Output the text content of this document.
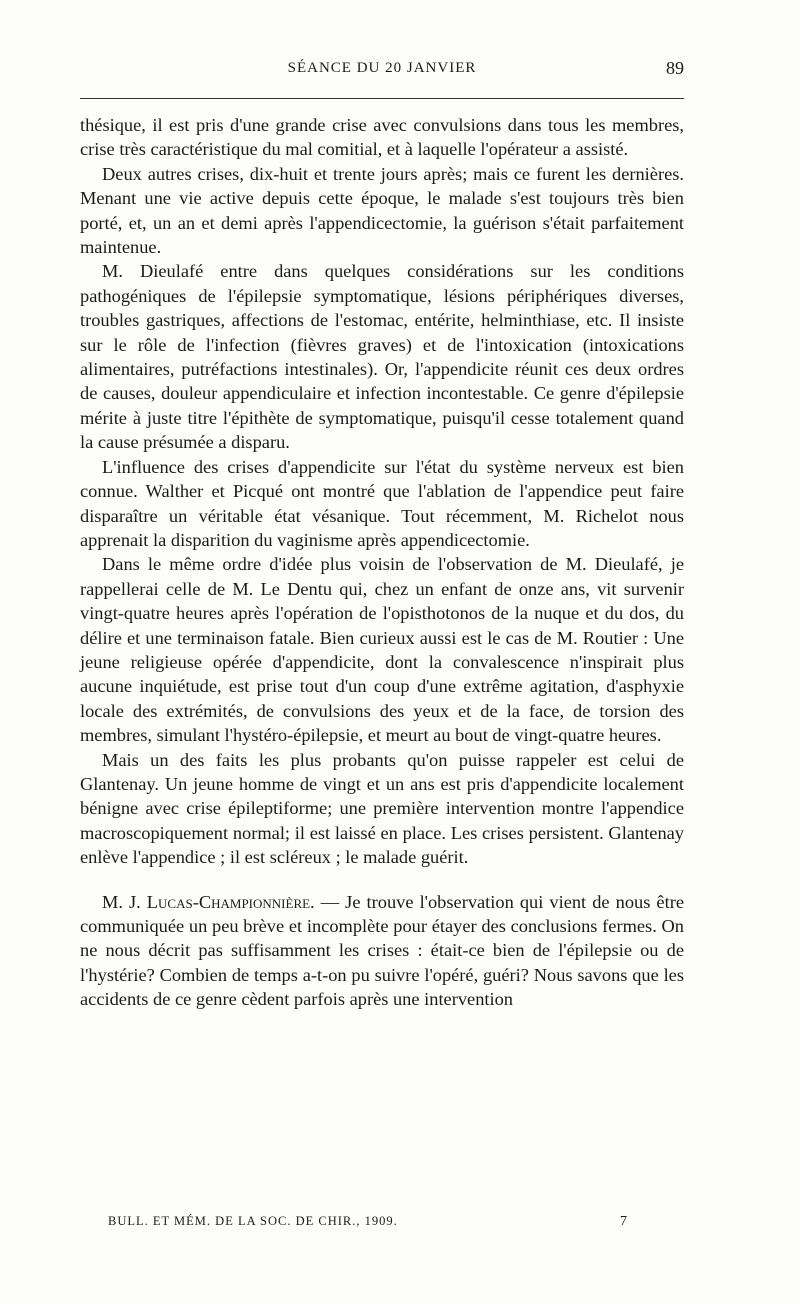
SÉANCE DU 20 JANVIER	89

thésique, il est pris d'une grande crise avec convulsions dans tous les membres, crise très caractéristique du mal comitial, et à laquelle l'opérateur a assisté.

Deux autres crises, dix-huit et trente jours après; mais ce furent les dernières. Menant une vie active depuis cette époque, le malade s'est toujours très bien porté, et, un an et demi après l'appendicectomie, la guérison s'était parfaitement maintenue.

M. Dieulafé entre dans quelques considérations sur les conditions pathogéniques de l'épilepsie symptomatique, lésions périphériques diverses, troubles gastriques, affections de l'estomac, entérite, helminthiase, etc. Il insiste sur le rôle de l'infection (fièvres graves) et de l'intoxication (intoxications alimentaires, putréfactions intestinales). Or, l'appendicite réunit ces deux ordres de causes, douleur appendiculaire et infection incontestable. Ce genre d'épilepsie mérite à juste titre l'épithète de symptomatique, puisqu'il cesse totalement quand la cause présumée a disparu.

L'influence des crises d'appendicite sur l'état du système nerveux est bien connue. Walther et Picqué ont montré que l'ablation de l'appendice peut faire disparaître un véritable état vésanique. Tout récemment, M. Richelot nous apprenait la disparition du vaginisme après appendicectomie.

Dans le même ordre d'idée plus voisin de l'observation de M. Dieulafé, je rappellerai celle de M. Le Dentu qui, chez un enfant de onze ans, vit survenir vingt-quatre heures après l'opération de l'opisthotonos de la nuque et du dos, du délire et une terminaison fatale. Bien curieux aussi est le cas de M. Routier : Une jeune religieuse opérée d'appendicite, dont la convalescence n'inspirait plus aucune inquiétude, est prise tout d'un coup d'une extrême agitation, d'asphyxie locale des extrémités, de convulsions des yeux et de la face, de torsion des membres, simulant l'hystéro-épilepsie, et meurt au bout de vingt-quatre heures.

Mais un des faits les plus probants qu'on puisse rappeler est celui de Glantenay. Un jeune homme de vingt et un ans est pris d'appendicite localement bénigne avec crise épileptiforme; une première intervention montre l'appendice macroscopiquement normal; il est laissé en place. Les crises persistent. Glantenay enlève l'appendice ; il est scléreux ; le malade guérit.

M. J. Lucas-Championnière. — Je trouve l'observation qui vient de nous être communiquée un peu brève et incomplète pour étayer des conclusions fermes. On ne nous décrit pas suffisamment les crises : était-ce bien de l'épilepsie ou de l'hystérie? Combien de temps a-t-on pu suivre l'opéré, guéri? Nous savons que les accidents de ce genre cèdent parfois après une intervention

BULL. ET MÉM. DE LA SOC. DE CHIR., 1909.	7
